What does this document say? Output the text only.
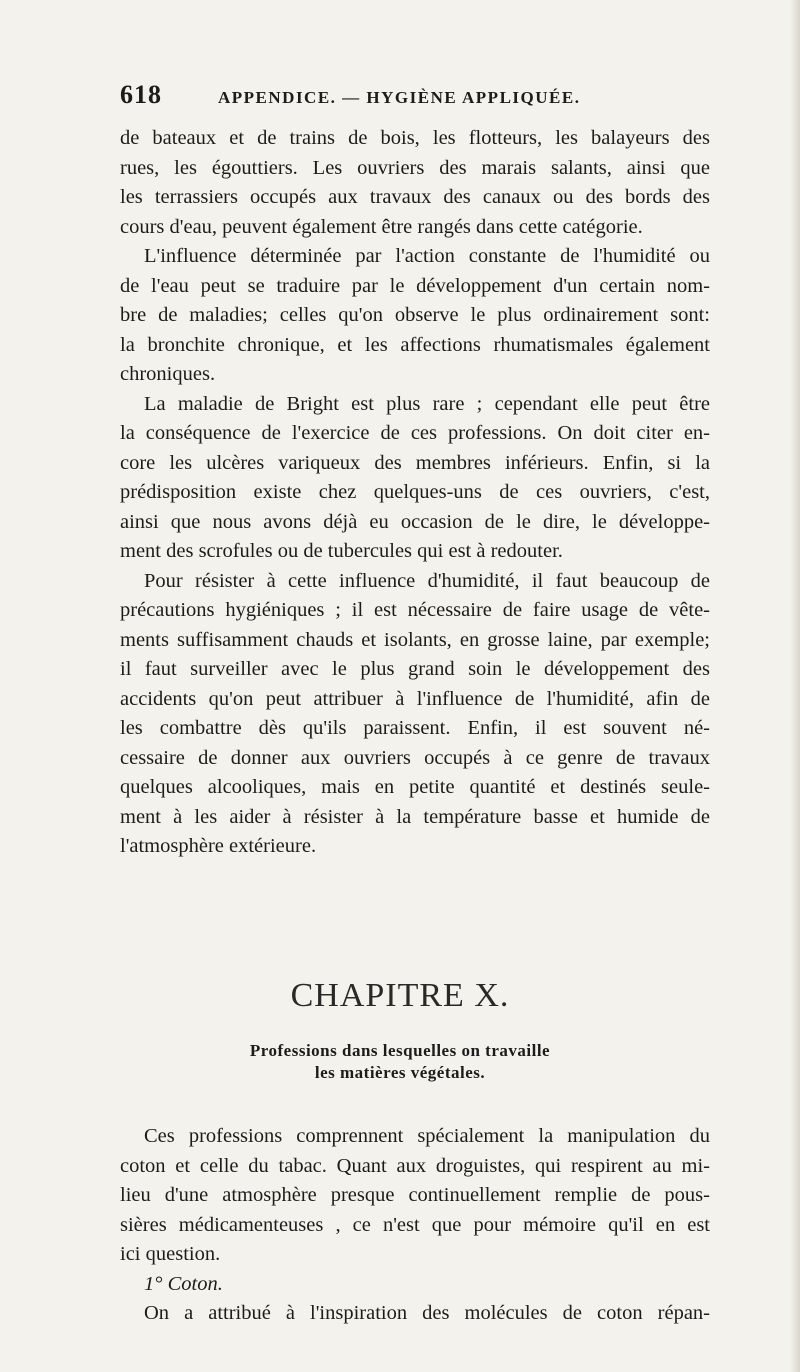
618	APPENDICE. — HYGIÈNE APPLIQUÉE.
de bateaux et de trains de bois, les flotteurs, les balayeurs des
rues, les égouttiers. Les ouvriers des marais salants, ainsi que
les terrassiers occupés aux travaux des canaux ou des bords des
cours d'eau, peuvent également être rangés dans cette catégorie.
L'influence déterminée par l'action constante de l'humidité ou
de l'eau peut se traduire par le développement d'un certain nom-
bre de maladies; celles qu'on observe le plus ordinairement sont:
la bronchite chronique, et les affections rhumatismales également
chroniques.
La maladie de Bright est plus rare ; cependant elle peut être
la conséquence de l'exercice de ces professions. On doit citer en-
core les ulcères variqueux des membres inférieurs. Enfin, si la
prédisposition existe chez quelques-uns de ces ouvriers, c'est,
ainsi que nous avons déjà eu occasion de le dire, le développe-
ment des scrofules ou de tubercules qui est à redouter.
Pour résister à cette influence d'humidité, il faut beaucoup de
précautions hygiéniques ; il est nécessaire de faire usage de vête-
ments suffisamment chauds et isolants, en grosse laine, par exemple;
il faut surveiller avec le plus grand soin le développement des
accidents qu'on peut attribuer à l'influence de l'humidité, afin de
les combattre dès qu'ils paraissent. Enfin, il est souvent né-
cessaire de donner aux ouvriers occupés à ce genre de travaux
quelques alcooliques, mais en petite quantité et destinés seule-
ment à les aider à résister à la température basse et humide de
l'atmosphère extérieure.
CHAPITRE X.
Professions dans lesquelles on travaille
les matières végétales.
Ces professions comprennent spécialement la manipulation du
coton et celle du tabac. Quant aux droguistes, qui respirent au mi-
lieu d'une atmosphère presque continuellement remplie de pous-
sières médicamenteuses , ce n'est que pour mémoire qu'il en est
ici question.
1° Coton.
On a attribué à l'inspiration des molécules de coton répan-
